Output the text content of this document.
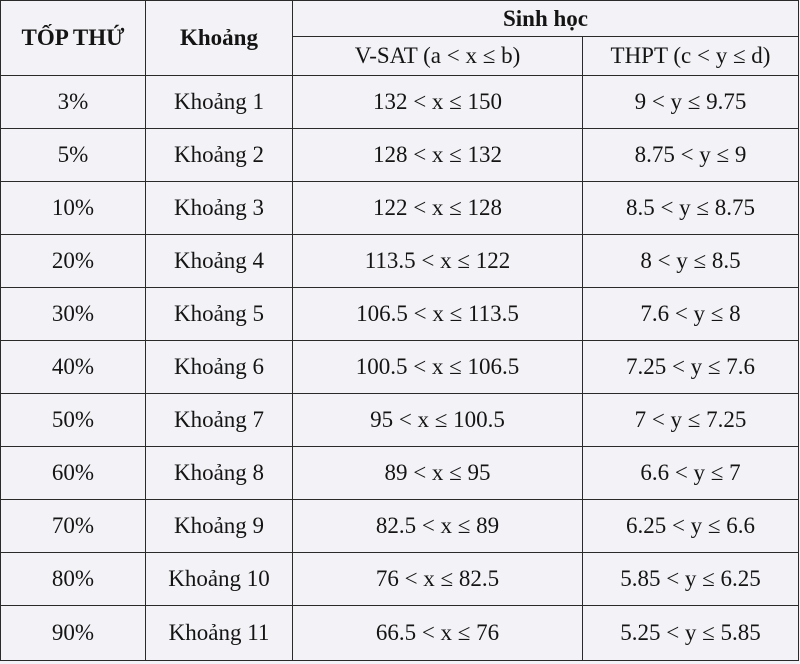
TỐP THỨ	Khoảng	Sinh học	
		V-SAT (a < x ≤ b)	THPT (c < y ≤ d)
3%	Khoảng 1	132 < x ≤ 150	9 < y ≤ 9.75
5%	Khoảng 2	128 < x ≤ 132	8.75 < y ≤ 9
10%	Khoảng 3	122 < x ≤ 128	8.5 < y ≤ 8.75
20%	Khoảng 4	113.5 < x ≤ 122	8 < y ≤ 8.5
30%	Khoảng 5	106.5 < x ≤ 113.5	7.6 < y ≤ 8
40%	Khoảng 6	100.5 < x ≤ 106.5	7.25 < y ≤ 7.6
50%	Khoảng 7	95 < x ≤ 100.5	7 < y ≤ 7.25
60%	Khoảng 8	89 < x ≤ 95	6.6 < y ≤ 7
70%	Khoảng 9	82.5 < x ≤ 89	6.25 < y ≤ 6.6
80%	Khoảng 10	76 < x ≤ 82.5	5.85 < y ≤ 6.25
90%	Khoảng 11	66.5 < x ≤ 76	5.25 < y ≤ 5.85
